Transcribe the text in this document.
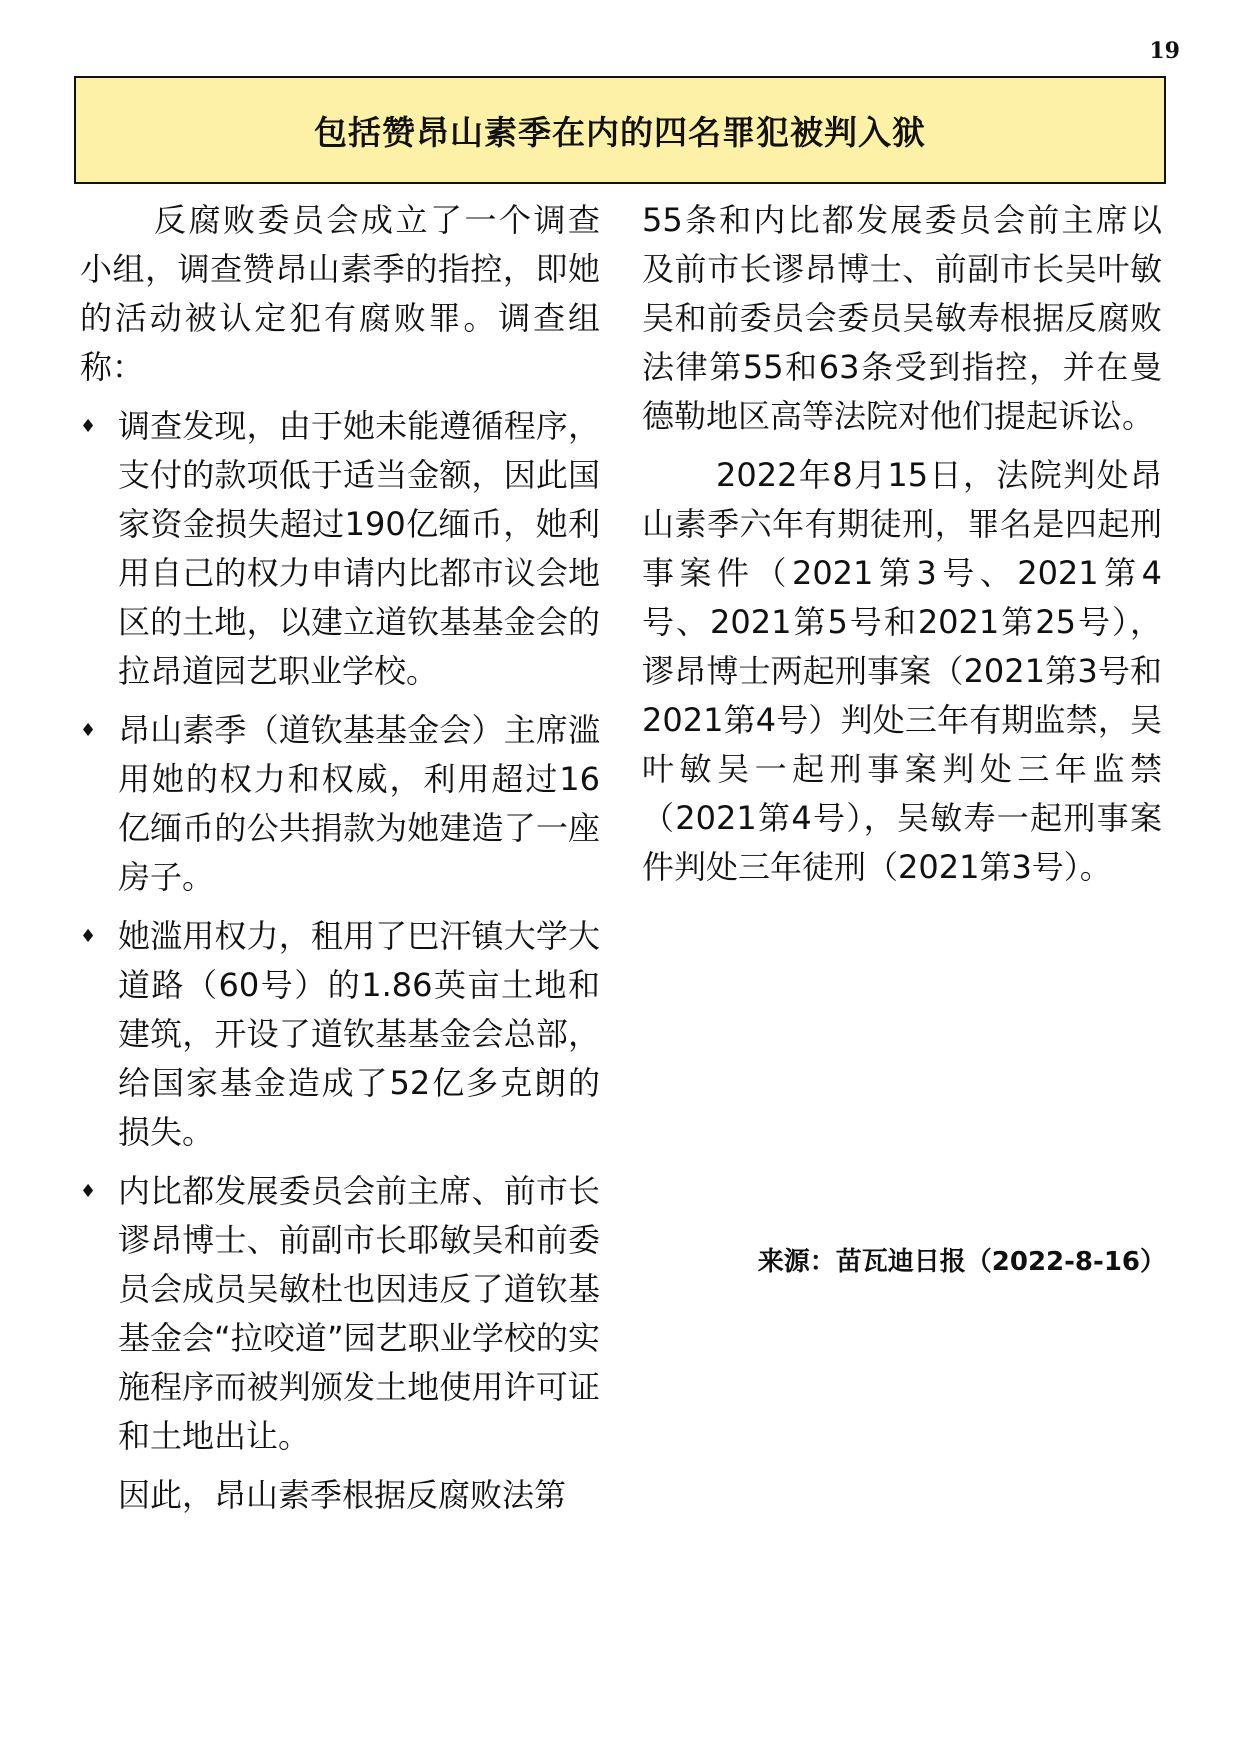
19
包括赞昂山素季在内的四名罪犯被判入狱

反腐败委员会成立了一个调查小组，调查赞昂山素季的指控，即她的活动被认定犯有腐败罪。调查组称：

♦ 调查发现，由于她未能遵循程序，支付的款项低于适当金额，因此国家资金损失超过190亿缅币，她利用自己的权力申请内比都市议会地区的土地，以建立道钦基基金会的拉昂道园艺职业学校。
♦ 昂山素季（道钦基基金会）主席滥用她的权力和权威，利用超过16亿缅币的公共捐款为她建造了一座房子。
♦ 她滥用权力，租用了巴汗镇大学大道路（60号）的1.86英亩土地和建筑，开设了道钦基基金会总部，给国家基金造成了52亿多克朗的损失。
♦ 内比都发展委员会前主席、前市长谬昂博士、前副市长耶敏吴和前委员会成员吴敏杜也因违反了道钦基基金会“拉咬道”园艺职业学校的实施程序而被判颁发土地使用许可证和土地出让。

因此，昂山素季根据反腐败法第

55条和内比都发展委员会前主席以及前市长谬昂博士、前副市长吴叶敏吴和前委员会委员吴敏寿根据反腐败法律第55和63条受到指控，并在曼德勒地区高等法院对他们提起诉讼。

2022年8月15日，法院判处昂山素季六年有期徒刑，罪名是四起刑事案件（2021第3号、2021第4号、2021第5号和2021第25号），谬昂博士两起刑事案（2021第3号和2021第4号）判处三年有期监禁，吴叶敏吴一起刑事案判处三年监禁（2021第4号），吴敏寿一起刑事案件判处三年徒刑（2021第3号）。

来源：苗瓦迪日报（2022-8-16）
